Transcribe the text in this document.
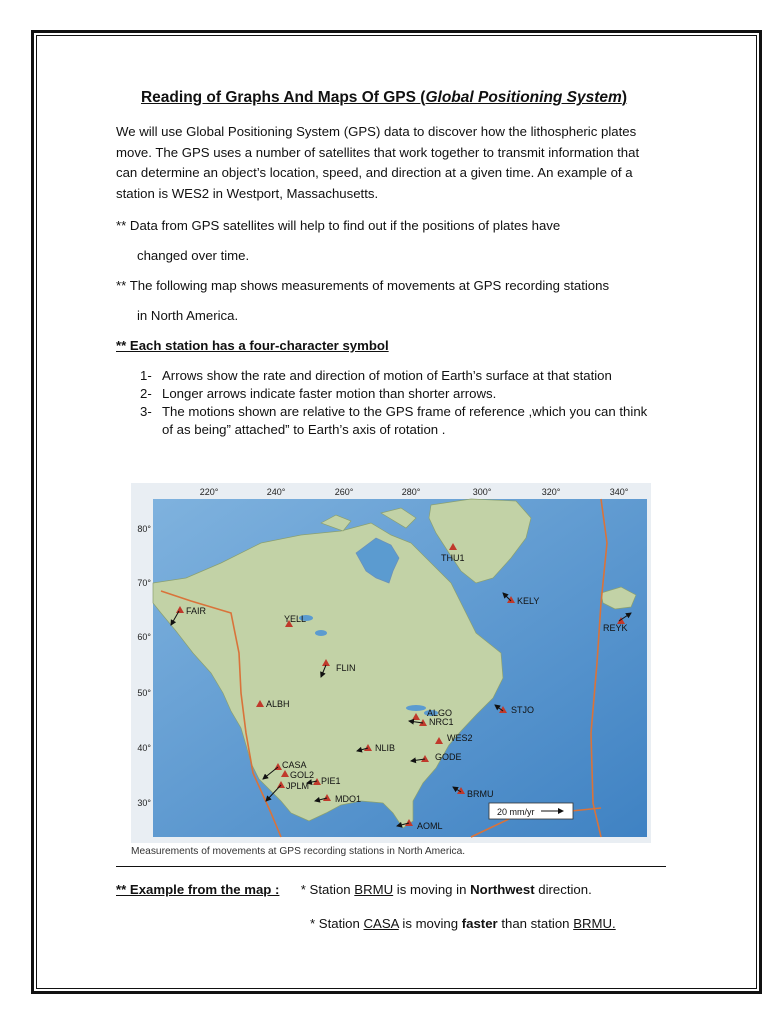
Reading of Graphs And Maps Of GPS (Global Positioning System)
We will use Global Positioning System (GPS) data to discover how the lithospheric plates move. The GPS uses a number of satellites that work together to transmit information that can determine an object’s location, speed, and direction at a given time. An example of a station is WES2 in Westport, Massachusetts.
** Data from GPS satellites will help to find out if the positions of plates have
changed over time.
** The following map shows measurements of movements at GPS recording stations
in North America.
** Each station has a four-character symbol
1- Arrows show the rate and direction of motion of Earth’s surface at that station
2- Longer arrows indicate faster motion than shorter arrows.
3- The motions shown are relative to the GPS frame of reference ,which you can think of as being” attached” to Earth’s axis of rotation .
220°	240°	260°	280°	300°	320°	340°
80°
70°
60°
50°
40°
30°
THU1
KELY
REYK
FAIR
YELL
FLIN
ALBH
ALGO
NRC1
STJO
WES2
NLIB
GODE
CASA
GOL2
JPLM PIE1
MDO1	BRMU
AOML
20 mm/yr
Measurements of movements at GPS recording stations in North America.
** Example from the map : * Station BRMU is moving in Northwest direction.
* Station CASA is moving faster than station BRMU.
